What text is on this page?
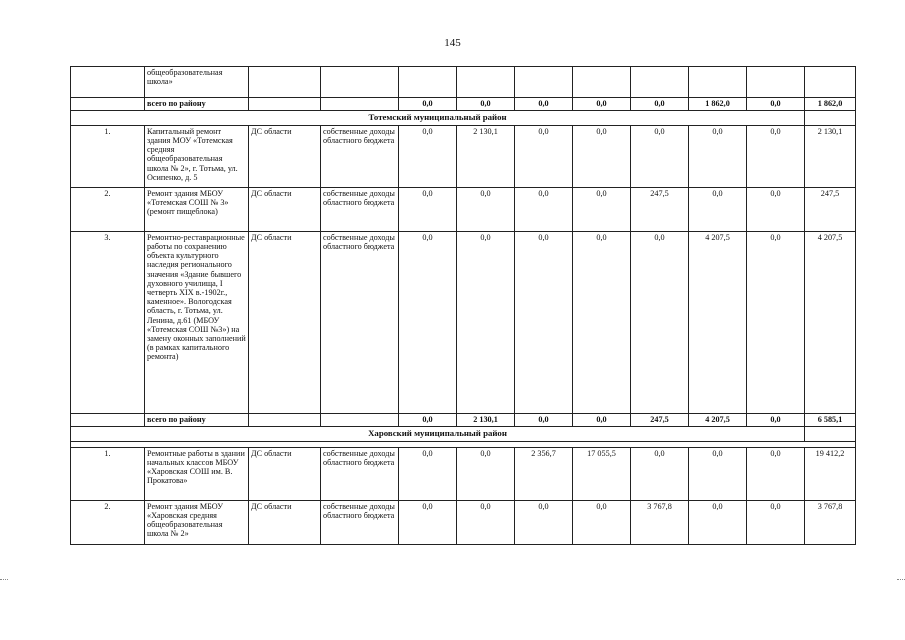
145
	общеобразовательная школа»										
	всего по району			0,0	0,0	0,0	0,0	0,0	1 862,0	0,0	1 862,0
Тотемский муниципальный район											
1.	Капитальный ремонт здания МОУ «Тотемская средняя общеобразовательная школа № 2», г. Тотьма, ул. Осипенко, д. 5	ДС области	собственные доходы областного бюджета	0,0	2 130,1	0,0	0,0	0,0	0,0	0,0	2 130,1
2.	Ремонт здания МБОУ «Тотемская СОШ № 3» (ремонт пищеблока)	ДС области	собственные доходы областного бюджета	0,0	0,0	0,0	0,0	247,5	0,0	0,0	247,5
3.	Ремонтно-реставрационные работы по сохранению объекта культурного наследия регионального значения «Здание бывшего духовного училища, I четверть XIX в.-1902г., каменное». Вологодская область, г. Тотьма, ул. Ленина, д.61 (МБОУ «Тотемская СОШ №3») на замену оконных заполнений (в рамках капитального ремонта)	ДС области	собственные доходы областного бюджета	0,0	0,0	0,0	0,0	0,0	4 207,5	0,0	4 207,5
	всего по району			0,0	2 130,1	0,0	0,0	247,5	4 207,5	0,0	6 585,1
Харовский муниципальный район											

1.	Ремонтные работы в здании начальных классов МБОУ «Харовская СОШ им. В. Прокатова»	ДС области	собственные доходы областного бюджета	0,0	0,0	2 356,7	17 055,5	0,0	0,0	0,0	19 412,2
2.	Ремонт здания МБОУ «Харовская средняя общеобразовательная школа № 2»	ДС области	собственные доходы областного бюджета	0,0	0,0	0,0	0,0	3 767,8	0,0	0,0	3 767,8
